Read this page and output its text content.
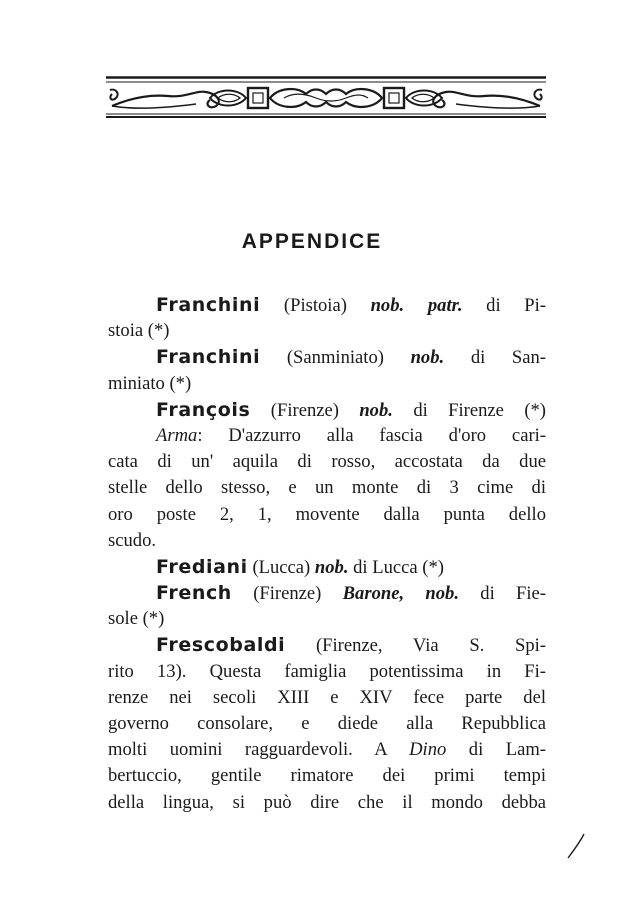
APPENDICE
Franchini (Pistoia) nob. patr. di Pi-
stoia (*)
Franchini (Sanminiato) nob. di San-
miniato (*)
François (Firenze) nob. di Firenze (*)
Arma: D'azzurro alla fascia d'oro cari-
cata di un' aquila di rosso, accostata da due
stelle dello stesso, e un monte di 3 cime di
oro poste 2, 1, movente dalla punta dello
scudo.
Frediani (Lucca) nob. di Lucca (*)
French (Firenze) Barone, nob. di Fie-
sole (*)
Frescobaldi (Firenze, Via S. Spi-
rito 13). Questa famiglia potentissima in Fi-
renze nei secoli XIII e XIV fece parte del
governo consolare, e diede alla Repubblica
molti uomini ragguardevoli. A Dino di Lam-
bertuccio, gentile rimatore dei primi tempi
della lingua, si può dire che il mondo debba
